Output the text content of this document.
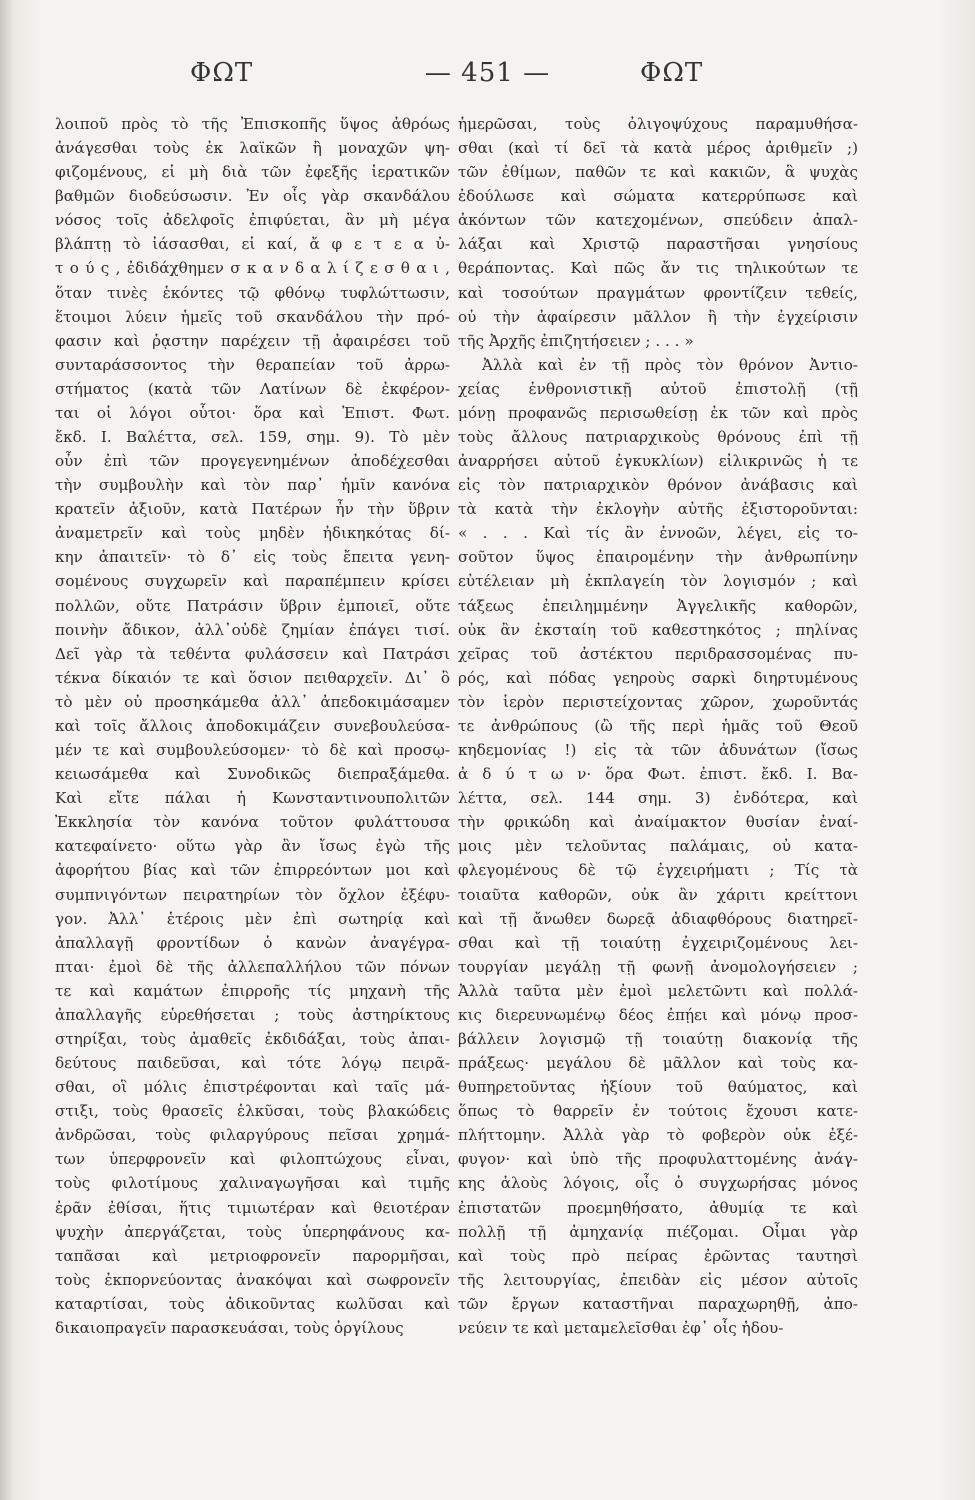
ΦΩΤ	— 451 —	ΦΩΤ

λοιποῦ πρὸς τὸ τῆς Ἐπισκοπῆς ὕψος ἀθρόως

ἀνάγεσθαι τοὺς ἐκ λαϊκῶν ἢ μοναχῶν ψη-

φιζομένους, εἰ μὴ διὰ τῶν ἐφεξῆς ἱερατικῶν

βαθμῶν διοδεύσωσιν. Ἐν οἷς γὰρ σκανδάλου

νόσος τοῖς ἀδελφοῖς ἐπιφύεται, ἂν μὴ μέγα

βλάπτῃ τὸ ἰάσασθαι, εἰ καί, ἄ φ ε τ ε α ὐ-

τ ο ύ ς , ἐδιδάχθημεν σ κ α ν δ α λ ί ζ ε σ θ α ι ,

ὅταν τινὲς ἑκόντες τῷ φθόνῳ τυφλώττωσιν,

ἕτοιμοι λύειν ἡμεῖς τοῦ σκανδάλου τὴν πρό-

φασιν καὶ ῥᾳστην παρέχειν τῇ ἀφαιρέσει τοῦ

συνταράσσοντος τὴν θεραπείαν τοῦ ἀρρω-

στήματος (κατὰ τῶν Λατίνων δὲ ἐκφέρον-

ται οἱ λόγοι οὗτοι· ὅρα καὶ Ἐπιστ. Φωτ.

ἔκδ. Ι. Βαλέττα, σελ. 159, σημ. 9). Τὸ μὲν

οὖν ἐπὶ τῶν προγεγενημένων ἀποδέχεσθαι

τὴν συμβουλὴν καὶ τὸν παρ᾽ ἡμῖν κανόνα

κρατεῖν ἀξιοῦν, κατὰ Πατέρων ἦν τὴν ὕβριν

ἀναμετρεῖν καὶ τοὺς μηδὲν ἠδικηκότας δί-

κην ἀπαιτεῖν· τὸ δ᾽ εἰς τοὺς ἔπειτα γενη-

σομένους συγχωρεῖν καὶ παραπέμπειν κρίσει

πολλῶν, οὔτε Πατράσιν ὕβριν ἐμποιεῖ, οὔτε

ποινὴν ἄδικον, ἀλλ᾽οὐδὲ ζημίαν ἐπάγει τισί.

Δεῖ γὰρ τὰ τεθέντα φυλάσσειν καὶ Πατράσι

τέκνα δίκαιόν τε καὶ ὅσιον πειθαρχεῖν. Δι᾽ ὃ

τὸ μὲν οὐ προσηκάμεθα ἀλλ᾽ ἀπεδοκιμάσαμεν

καὶ τοῖς ἄλλοις ἀποδοκιμάζειν συνεβουλεύσα-

μέν τε καὶ συμβουλεύσομεν· τὸ δὲ καὶ προσῳ-

κειωσάμεθα καὶ Συνοδικῶς διεπραξάμεθα.

Καὶ εἴτε πάλαι ἡ Κωνσταντινουπολιτῶν

Ἐκκλησία τὸν κανόνα τοῦτον φυλάττουσα

κατεφαίνετο· οὕτω γὰρ ἂν ἴσως ἐγὼ τῆς

ἀφορήτου βίας καὶ τῶν ἐπιρρεόντων μοι καὶ

συμπνιγόντων πειρατηρίων τὸν ὄχλον ἐξέφυ-

γον. Ἀλλ᾽ ἑτέροις μὲν ἐπὶ σωτηρίᾳ καὶ

ἀπαλλαγῇ φροντίδων ὁ κανὼν ἀναγέγρα-

πται· ἐμοὶ δὲ τῆς ἀλλεπαλλήλου τῶν πόνων

τε καὶ καμάτων ἐπιρροῆς τίς μηχανὴ τῆς

ἀπαλλαγῆς εὑρεθήσεται ; τοὺς ἀστηρίκτους

στηρίξαι, τοὺς ἀμαθεῖς ἐκδιδάξαι, τοὺς ἀπαι-

δεύτους παιδεῦσαι, καὶ τότε λόγῳ πειρᾶ-

σθαι, οἳ μόλις ἐπιστρέφονται καὶ ταῖς μά-

στιξι, τοὺς θρασεῖς ἑλκῦσαι, τοὺς βλακώδεις

ἀνδρῶσαι, τοὺς φιλαργύρους πεῖσαι χρημά-

των ὑπερφρονεῖν καὶ φιλοπτώχους εἶναι,

τοὺς φιλοτίμους χαλιναγωγῆσαι καὶ τιμῆς

ἐρᾶν ἐθίσαι, ἥτις τιμιωτέραν καὶ θειοτέραν

ψυχὴν ἀπεργάζεται, τοὺς ὑπερηφάνους κα-

ταπᾶσαι καὶ μετριοφρονεῖν παρορμῆσαι,

τοὺς ἐκπορνεύοντας ἀνακόψαι καὶ σωφρονεῖν

καταρτίσαι, τοὺς ἀδικοῦντας κωλῦσαι καὶ

δικαιοπραγεῖν παρασκευάσαι, τοὺς ὀργίλους

ἡμερῶσαι, τοὺς ὀλιγοψύχους παραμυθήσα-

σθαι (καὶ τί δεῖ τὰ κατὰ μέρος ἀριθμεῖν ;)

τῶν ἐθίμων, παθῶν τε καὶ κακιῶν, ἃ ψυχὰς

ἐδούλωσε καὶ σώματα κατερρύπωσε καὶ

ἀκόντων τῶν κατεχομένων, σπεύδειν ἀπαλ-

λάξαι καὶ Χριστῷ παραστῆσαι γνησίους

θεράποντας. Καὶ πῶς ἄν τις τηλικούτων τε

καὶ τοσούτων πραγμάτων φροντίζειν τεθείς,

οὐ τὴν ἀφαίρεσιν μᾶλλον ἢ τὴν ἐγχείρισιν

τῆς Ἀρχῆς ἐπιζητήσειεν ; . . . »

Ἀλλὰ καὶ ἐν τῇ πρὸς τὸν θρόνον Ἀντιο-

χείας ἐνθρονιστικῇ αὐτοῦ ἐπιστολῇ (τῇ

μόνῃ προφανῶς περισωθείσῃ ἐκ τῶν καὶ πρὸς

τοὺς ἄλλους πατριαρχικοὺς θρόνους ἐπὶ τῇ

ἀναρρήσει αὐτοῦ ἐγκυκλίων) εἰλικρινῶς ἡ τε

εἰς τὸν πατριαρχικὸν θρόνον ἀνάβασις καὶ

τὰ κατὰ τὴν ἐκλογὴν αὐτῆς ἐξιστοροῦνται:

« . . . Καὶ τίς ἂν ἐννοῶν, λέγει, εἰς το-

σοῦτον ὕψος ἐπαιρομένην τὴν ἀνθρωπίνην

εὐτέλειαν μὴ ἐκπλαγείη τὸν λογισμόν ; καὶ

τάξεως ἐπειλημμένην Ἀγγελικῆς καθορῶν,

οὐκ ἂν ἐκσταίη τοῦ καθεστηκότος ; πηλίνας

χεῖρας τοῦ ἀστέκτου περιδρασσομένας πυ-

ρός, καὶ πόδας γεηροὺς σαρκὶ διηρτυμένους

τὸν ἱερὸν περιστείχοντας χῶρον, χωροῦντάς

τε ἀνθρώπους (ὢ τῆς περὶ ἡμᾶς τοῦ Θεοῦ

κηδεμονίας !) εἰς τὰ τῶν ἀδυνάτων (ἴσως

ἀ δ ύ τ ω ν· ὅρα Φωτ. ἐπιστ. ἔκδ. Ι. Βα-

λέττα, σελ. 144 σημ. 3) ἐνδότερα, καὶ

τὴν φρικώδη καὶ ἀναίμακτον θυσίαν ἐναί-

μοις μὲν τελοῦντας παλάμαις, οὐ κατα-

φλεγομένους δὲ τῷ ἐγχειρήματι ; Τίς τὰ

τοιαῦτα καθορῶν, οὐκ ἂν χάριτι κρείττονι

καὶ τῇ ἄνωθεν δωρεᾷ ἀδιαφθόρους διατηρεῖ-

σθαι καὶ τῇ τοιαύτῃ ἐγχειριζομένους λει-

τουργίαν μεγάλῃ τῇ φωνῇ ἀνομολογήσειεν ;

Ἀλλὰ ταῦτα μὲν ἐμοὶ μελετῶντι καὶ πολλά-

κις διερευνωμένῳ δέος ἐπῄει καὶ μόνῳ προσ-

βάλλειν λογισμῷ τῇ τοιαύτῃ διακονίᾳ τῆς

πράξεως· μεγάλου δὲ μᾶλλον καὶ τοὺς κα-

θυπηρετοῦντας ἠξίουν τοῦ θαύματος, καὶ

ὅπως τὸ θαρρεῖν ἐν τούτοις ἔχουσι κατε-

πλήττομην. Ἀλλὰ γὰρ τὸ φοβερὸν οὐκ ἐξέ-

φυγον· καὶ ὑπὸ τῆς προφυλαττομένης ἀνάγ-

κης ἀλοὺς λόγοις, οἷς ὁ συγχωρήσας μόνος

ἐπιστατῶν προεμηθήσατο, ἀθυμίᾳ τε καὶ

πολλῇ τῇ ἀμηχανίᾳ πιέζομαι. Οἶμαι γὰρ

καὶ τοὺς πρὸ πείρας ἐρῶντας ταυτησὶ

τῆς λειτουργίας, ἐπειδὰν εἰς μέσον αὐτοῖς

τῶν ἔργων καταστῆναι παραχωρηθῇ, ἀπο-

νεύειν τε καὶ μεταμελεῖσθαι ἐφ᾽ οἷς ἡδου-
